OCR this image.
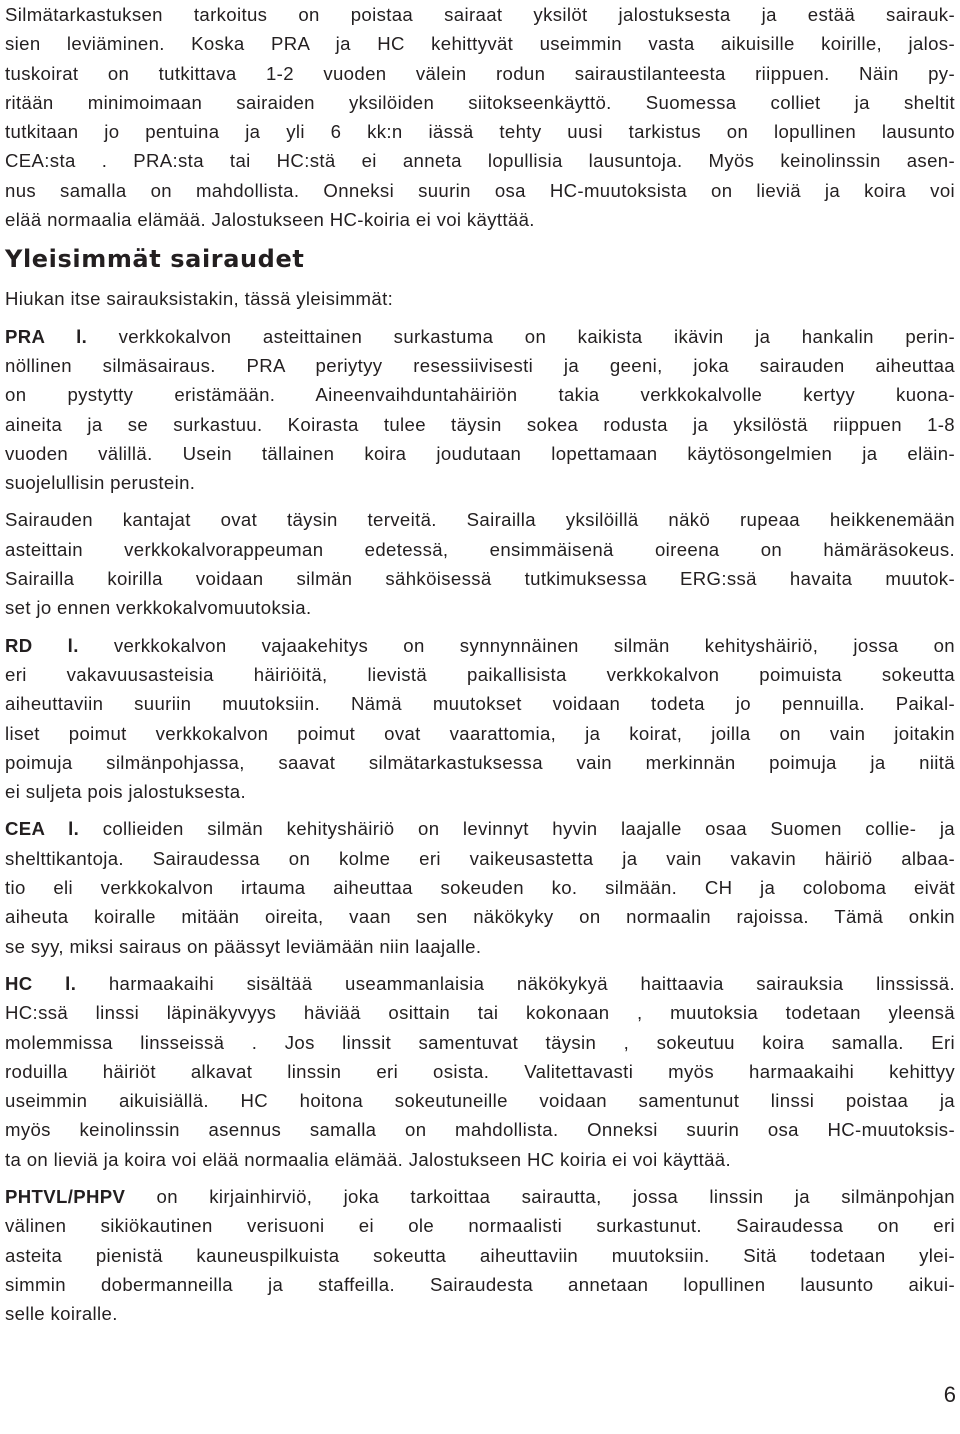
Silmätarkastuksen tarkoitus on poistaa sairaat yksilöt jalostuksesta ja estää sairauk-
sien leviäminen. Koska PRA ja HC kehittyvät useimmin vasta aikuisille koirille, jalos-
tuskoirat on tutkittava 1-2 vuoden välein rodun sairaustilanteesta riippuen. Näin py-
ritään minimoimaan sairaiden yksilöiden siitokseenkäyttö. Suomessa colliet ja sheltit
tutkitaan jo pentuina ja yli 6 kk:n iässä tehty uusi tarkistus on lopullinen lausunto
CEA:sta . PRA:sta tai HC:stä ei anneta lopullisia lausuntoja. Myös keinolinssin asen-
nus samalla on mahdollista. Onneksi suurin osa HC-muutoksista on lieviä ja koira voi
elää normaalia elämää. Jalostukseen HC-koiria ei voi käyttää.
Yleisimmät sairaudet
Hiukan itse sairauksistakin, tässä yleisimmät:
PRA l. verkkokalvon asteittainen surkastuma on kaikista ikävin ja hankalin perin-
nöllinen silmäsairaus. PRA periytyy resessiivisesti ja geeni, joka sairauden aiheuttaa
on pystytty eristämään. Aineenvaihduntahäiriön takia verkkokalvolle kertyy kuona-
aineita ja se surkastuu. Koirasta tulee täysin sokea rodusta ja yksilöstä riippuen 1-8
vuoden välillä. Usein tällainen koira joudutaan lopettamaan käytösongelmien ja eläin-
suojelullisin perustein.
Sairauden kantajat ovat täysin terveitä. Sairailla yksilöillä näkö rupeaa heikkenemään
asteittain verkkokalvorappeuman edetessä, ensimmäisenä oireena on hämäräsokeus.
Sairailla koirilla voidaan silmän sähköisessä tutkimuksessa ERG:ssä havaita muutok-
set jo ennen verkkokalvomuutoksia.
RD l. verkkokalvon vajaakehitys on synnynnäinen silmän kehityshäiriö, jossa on
eri vakavuusasteisia häiriöitä, lievistä paikallisista verkkokalvon poimuista sokeutta
aiheuttaviin suuriin muutoksiin. Nämä muutokset voidaan todeta jo pennuilla. Paikal-
liset poimut verkkokalvon poimut ovat vaarattomia, ja koirat, joilla on vain joitakin
poimuja silmänpohjassa, saavat silmätarkastuksessa vain merkinnän poimuja ja niitä
ei suljeta pois jalostuksesta.
CEA l. collieiden silmän kehityshäiriö on levinnyt hyvin laajalle osaa Suomen collie- ja
shelttikantoja. Sairaudessa on kolme eri vaikeusastetta ja vain vakavin häiriö albaa-
tio eli verkkokalvon irtauma aiheuttaa sokeuden ko. silmään. CH ja coloboma eivät
aiheuta koiralle mitään oireita, vaan sen näkökyky on normaalin rajoissa. Tämä onkin
se syy, miksi sairaus on päässyt leviämään niin laajalle.
HC l. harmaakaihi sisältää useammanlaisia näkökykyä haittaavia sairauksia linssissä.
HC:ssä linssi läpinäkyvyys häviää osittain tai kokonaan , muutoksia todetaan yleensä
molemmissa linsseissä . Jos linssit samentuvat täysin , sokeutuu koira samalla. Eri
roduilla häiriöt alkavat linssin eri osista. Valitettavasti myös harmaakaihi kehittyy
useimmin aikuisiällä. HC hoitona sokeutuneille voidaan samentunut linssi poistaa ja
myös keinolinssin asennus samalla on mahdollista. Onneksi suurin osa HC-muutoksis-
ta on lieviä ja koira voi elää normaalia elämää. Jalostukseen HC koiria ei voi käyttää.
PHTVL/PHPV on kirjainhirviö, joka tarkoittaa sairautta, jossa linssin ja silmänpohjan
välinen sikiökautinen verisuoni ei ole normaalisti surkastunut. Sairaudessa on eri
asteita pienistä kauneuspilkuista sokeutta aiheuttaviin muutoksiin. Sitä todetaan ylei-
simmin dobermanneilla ja staffeilla. Sairaudesta annetaan lopullinen lausunto aikui-
selle koiralle.
6
